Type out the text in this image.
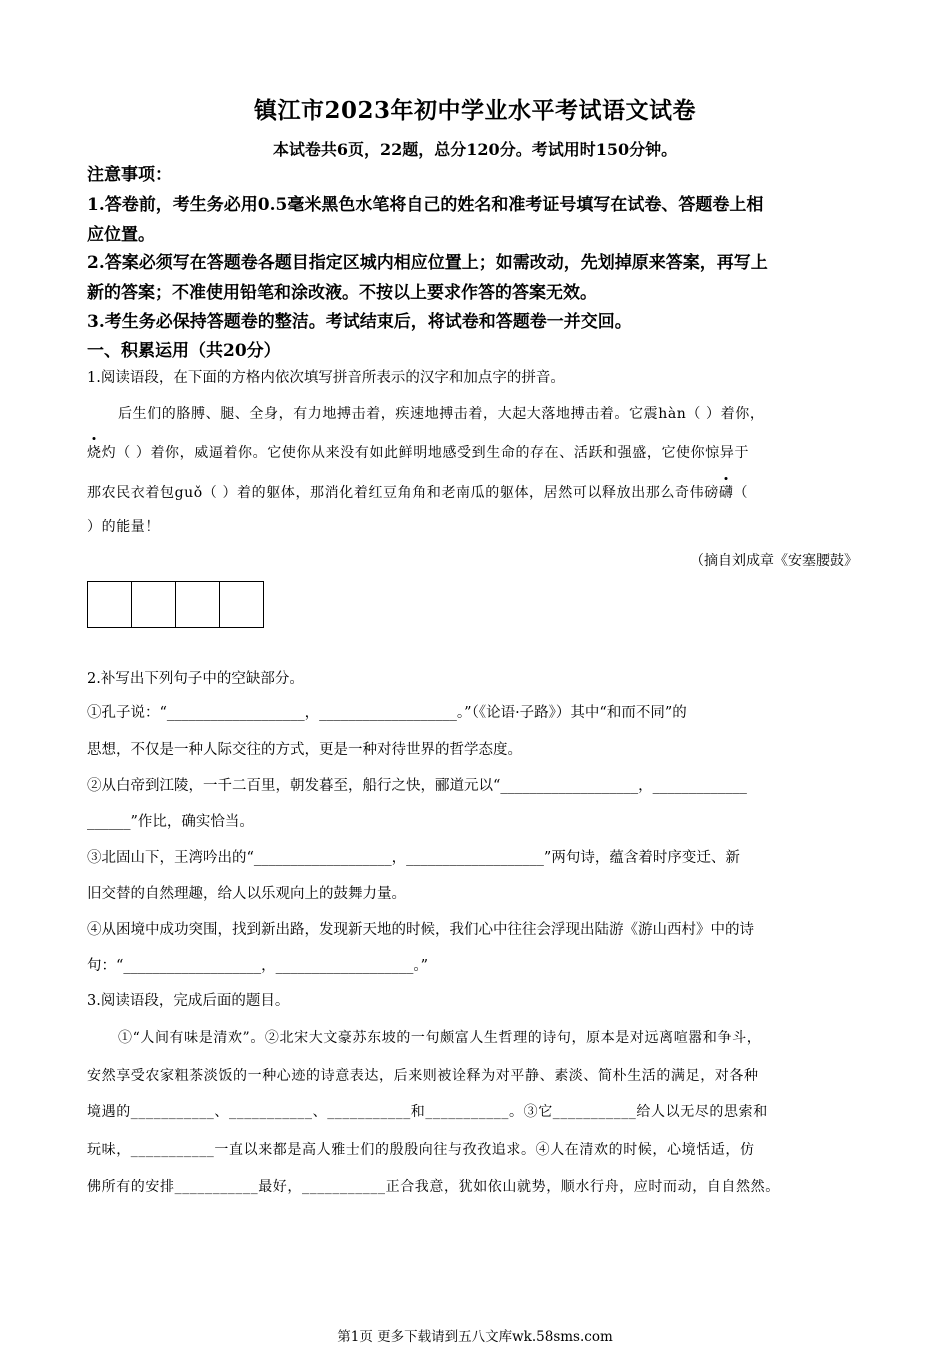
镇江市2023年初中学业水平考试语文试卷
本试卷共6页，22题，总分120分。考试用时150分钟。
注意事项：
1.答卷前，考生务必用0.5毫米黑色水笔将自己的姓名和准考证号填写在试卷、答题卷上相
应位置。
2.答案必须写在答题卷各题目指定区城内相应位置上；如需改动，先划掉原来答案，再写上
新的答案；不准使用铅笔和涂改液。不按以上要求作答的答案无效。
3.考生务必保持答题卷的整洁。考试结束后，将试卷和答题卷一并交回。
一、积累运用（共20分）
1.阅读语段，在下面的方格内依次填写拼音所表示的汉字和加点字的拼音。
后生们的胳膊、腿、全身，有力地搏击着，疾速地搏击着，大起大落地搏击着。它震hàn（ ）着你，
烧灼（ ）着你，威逼着你。它使你从来没有如此鲜明地感受到生命的存在、活跃和强盛，它使你惊异于
那农民衣着包guǒ（ ）着的躯体，那消化着红豆角角和老南瓜的躯体，居然可以释放出那么奇伟磅礴（
）的能量！
（摘自刘成章《安塞腰鼓》
2.补写出下列句子中的空缺部分。
①孔子说：“___________________，___________________。”（《论语·子路》）其中“和而不同”的
思想，不仅是一种人际交往的方式，更是一种对待世界的哲学态度。
②从白帝到江陵，一千二百里，朝发暮至，船行之快，郦道元以“___________________，_____________
______”作比，确实恰当。
③北固山下，王湾吟出的“___________________，___________________”两句诗，蕴含着时序变迁、新
旧交替的自然理趣，给人以乐观向上的鼓舞力量。
④从困境中成功突围，找到新出路，发现新天地的时候，我们心中往往会浮现出陆游《游山西村》中的诗
句：“___________________，___________________。”
3.阅读语段，完成后面的题目。
①“人间有味是清欢”。②北宋大文豪苏东坡的一句颇富人生哲理的诗句，原本是对远离喧嚣和争斗，
安然享受农家粗茶淡饭的一种心迹的诗意表达，后来则被诠释为对平静、素淡、简朴生活的满足，对各种
境遇的___________、___________、___________和___________。③它___________给人以无尽的思索和
玩味，___________一直以来都是高人雅士们的殷殷向往与孜孜追求。④人在清欢的时候，心境恬适，仿
佛所有的安排___________最好，___________正合我意，犹如依山就势，顺水行舟，应时而动，自自然然。
第1页 更多下载请到五八文库wk.58sms.com
